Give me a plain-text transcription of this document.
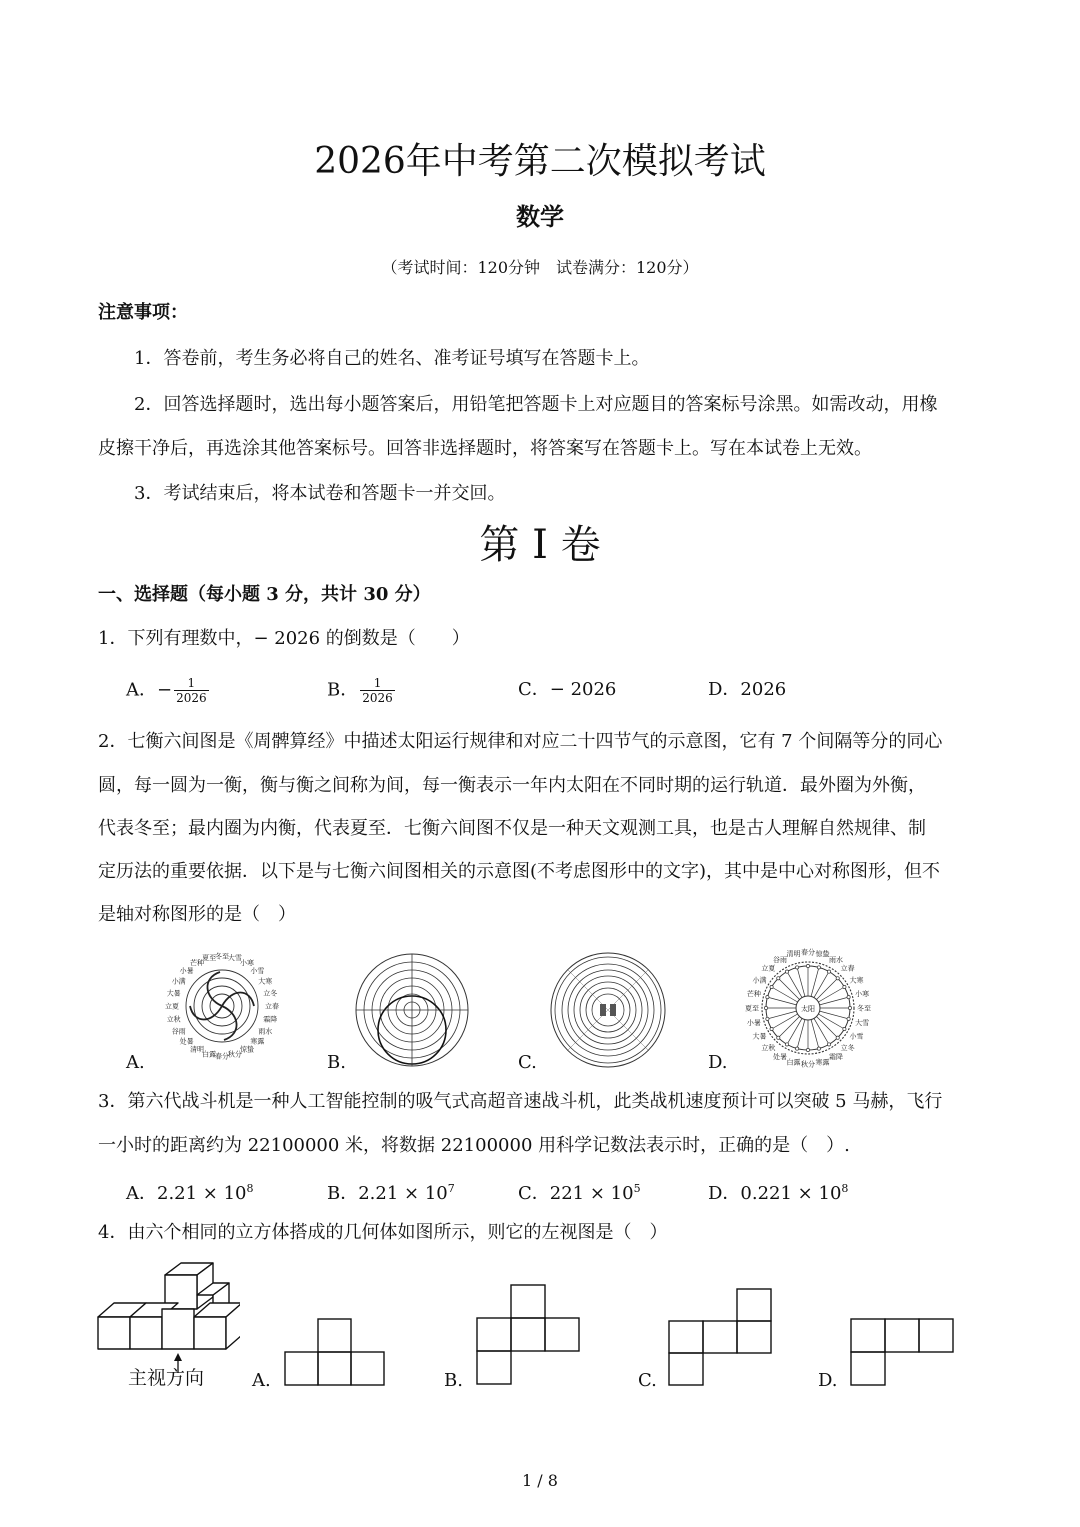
2026年中考第二次模拟考试
数学
（考试时间：120分钟　试卷满分：120分）
注意事项：
1．答卷前，考生务必将自己的姓名、准考证号填写在答题卡上。
2．回答选择题时，选出每小题答案后，用铅笔把答题卡上对应题目的答案标号涂黑。如需改动，用橡
皮擦干净后，再选涂其他答案标号。回答非选择题时，将答案写在答题卡上。写在本试卷上无效。
3．考试结束后，将本试卷和答题卡一并交回。
第 I 卷
一、选择题（每小题 3 分，共计 30 分）
1．下列有理数中，− 2026 的倒数是（　　）
A．− $\frac{1}{2026}$	B． $\frac{1}{2026}$	C．− 2026	D．2026
2．七衡六间图是《周髀算经》中描述太阳运行规律和对应二十四节气的示意图，它有 7 个间隔等分的同心
圆，每一圆为一衡，衡与衡之间称为间，每一衡表示一年内太阳在不同时期的运行轨道．最外圈为外衡，
代表冬至；最内圈为内衡，代表夏至．七衡六间图不仅是一种天文观测工具，也是古人理解自然规律、制
定历法的重要依据．以下是与七衡六间图相关的示意图(不考虑图形中的文字)，其中是中心对称图形，但不
是轴对称图形的是（　）
冬至
大雪
小寒
小雪
大寒
立冬
立春
霜降
雨水
寒露
惊蛰
秋分
春分
白露
清明
处暑
谷雨
立秋
立夏
大暑
小满
小暑
芒种
夏至
春分 惊蛰
雨水
立春
大寒
小寒
冬至
大雪
小雪
立冬
霜降
寒露
秋分
白露
处暑
立秋
大暑
小暑
夏至
芒种
小满
立夏
谷雨
清明
太阳
A.	B.	C.	D.
3．第六代战斗机是一种人工智能控制的吸气式高超音速战斗机，此类战机速度预计可以突破 5 马赫，飞行
一小时的距离约为 22100000 米，将数据 22100000 用科学记数法表示时，正确的是（　）.
A．$2.21 \times 10^8$	B．$2.21 \times 10^7$	C．$221 \times 10^5$	D．$0.221 \times 10^8$
4．由六个相同的立方体搭成的几何体如图所示，则它的左视图是（　）
主视方向	A.	B.	C.	D.
1 / 8
